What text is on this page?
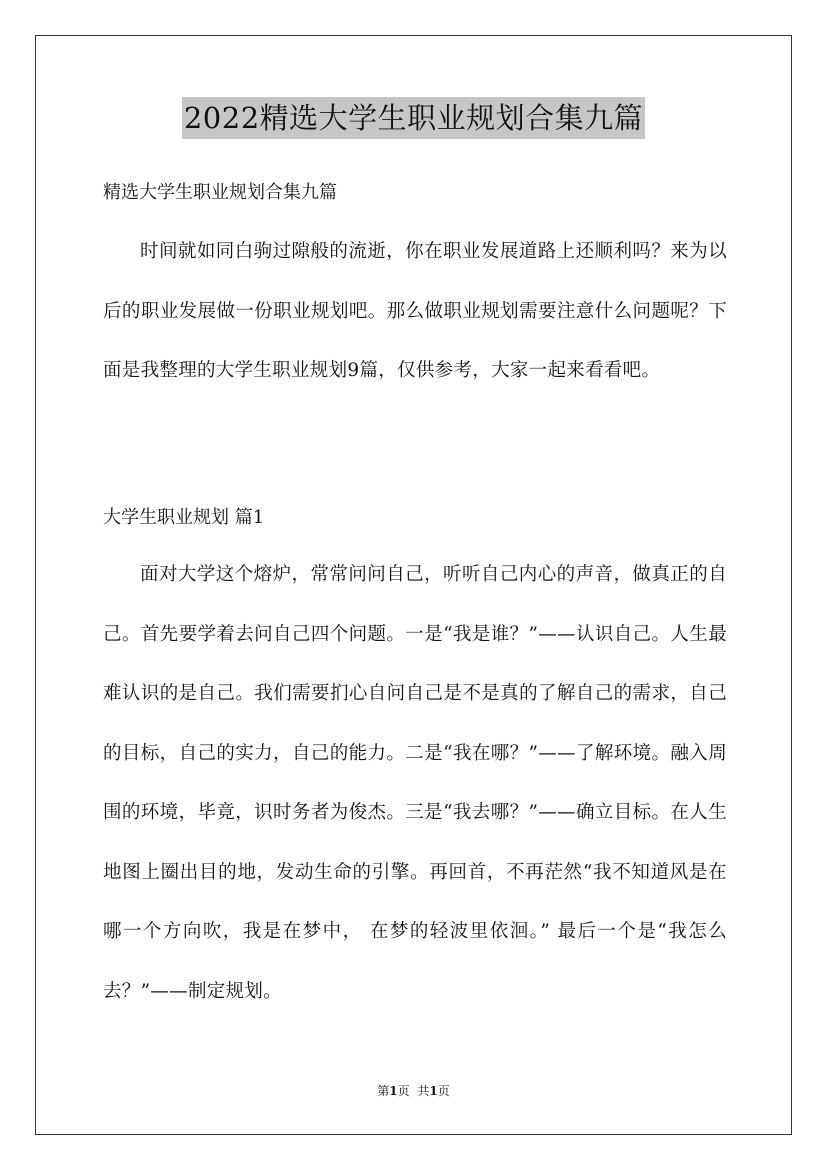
2022精选大学生职业规划合集九篇
精选大学生职业规划合集九篇

时间就如同白驹过隙般的流逝，你在职业发展道路上还顺利吗？来为以后的职业发展做一份职业规划吧。那么做职业规划需要注意什么问题呢？下面是我整理的大学生职业规划9篇，仅供参考，大家一起来看看吧。

大学生职业规划 篇1

面对大学这个熔炉，常常问问自己，听听自己内心的声音，做真正的自己。首先要学着去问自己四个问题。一是“我是谁？”——认识自己。人生最难认识的是自己。我们需要扪心自问自己是不是真的了解自己的需求，自己的目标，自己的实力，自己的能力。二是“我在哪？”——了解环境。融入周围的环境，毕竟，识时务者为俊杰。三是“我去哪？”——确立目标。在人生地图上圈出目的地，发动生命的引擎。再回首，不再茫然“我不知道风是在哪一个方向吹，我是在梦中， 在梦的轻波里依洄。” 最后一个是“我怎么去？”——制定规划。

第1页 共1页
